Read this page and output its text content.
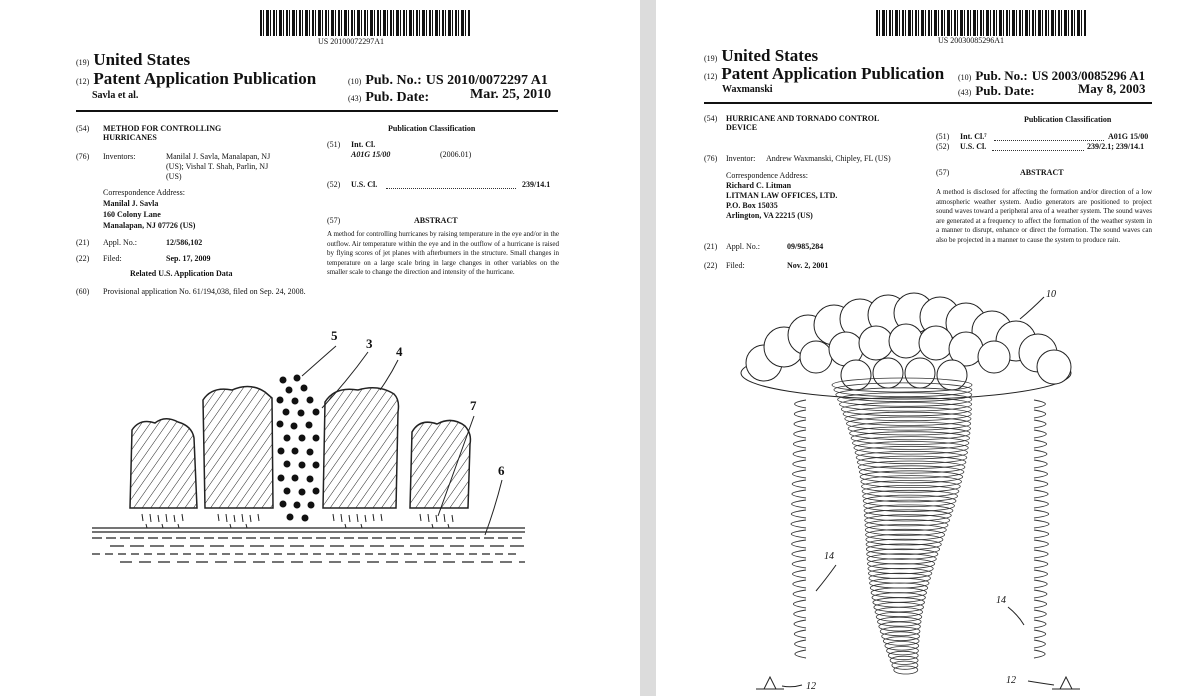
US 20100072297A1
(19) United States
(12) Patent Application Publication
Savla et al.
(10) Pub. No.: US 2010/0072297 A1
(43) Pub. Date:	Mar. 25, 2010
(54) METHOD FOR CONTROLLING HURRICANES
(76) Inventors:	Manilal J. Savla, Manalapan, NJ
(US); Vishal T. Shah, Parlin, NJ
(US)
Correspondence Address:
Manilal J. Savla
160 Colony Lane
Manalapan, NJ 07726 (US)
(21) Appl. No.:	12/586,102
(22) Filed:	Sep. 17, 2009
Related U.S. Application Data
(60) Provisional application No. 61/194,038, filed on Sep. 24, 2008.
Publication Classification
(51) Int. Cl.
A01G 15/00	(2006.01)
(52) U.S. Cl.	239/14.1
(57)	ABSTRACT
A method for controlling hurricanes by raising temperature in the eye and/or in the outflow. Air temperature within the eye and in the outflow of a hurricane is raised by flying scores of jet planes with afterburners in the structure. Small changes in temperature on a large scale bring in large changes in other variables on the smaller scale to change the direction and intensity of the hurricane.
5
3
4
7
6
US 20030085296A1
(19) United States
(12) Patent Application Publication
Waxmanski
(10) Pub. No.: US 2003/0085296 A1
(43) Pub. Date:	May 8, 2003
(54) HURRICANE AND TORNADO CONTROL DEVICE
(76) Inventor: Andrew Waxmanski, Chipley, FL (US)
Correspondence Address:
Richard C. Litman
LITMAN LAW OFFICES, LTD.
P.O. Box 15035
Arlington, VA 22215 (US)
(21) Appl. No.:	09/985,284
(22) Filed:	Nov. 2, 2001
Publication Classification
(51) Int. Cl.⁷	A01G 15/00
(52) U.S. Cl.	239/2.1; 239/14.1
(57)	ABSTRACT
A method is disclosed for affecting the formation and/or direction of a low atmospheric weather system. Audio generators are positioned to project sound waves toward a peripheral area of a weather system. The sound waves are generated at a frequency to affect the formation of the weather system in a manner to disrupt, enhance or direct the formation. The sound waves can also be projected in a manner to cause the system to produce rain.
10
14
14
12
12
